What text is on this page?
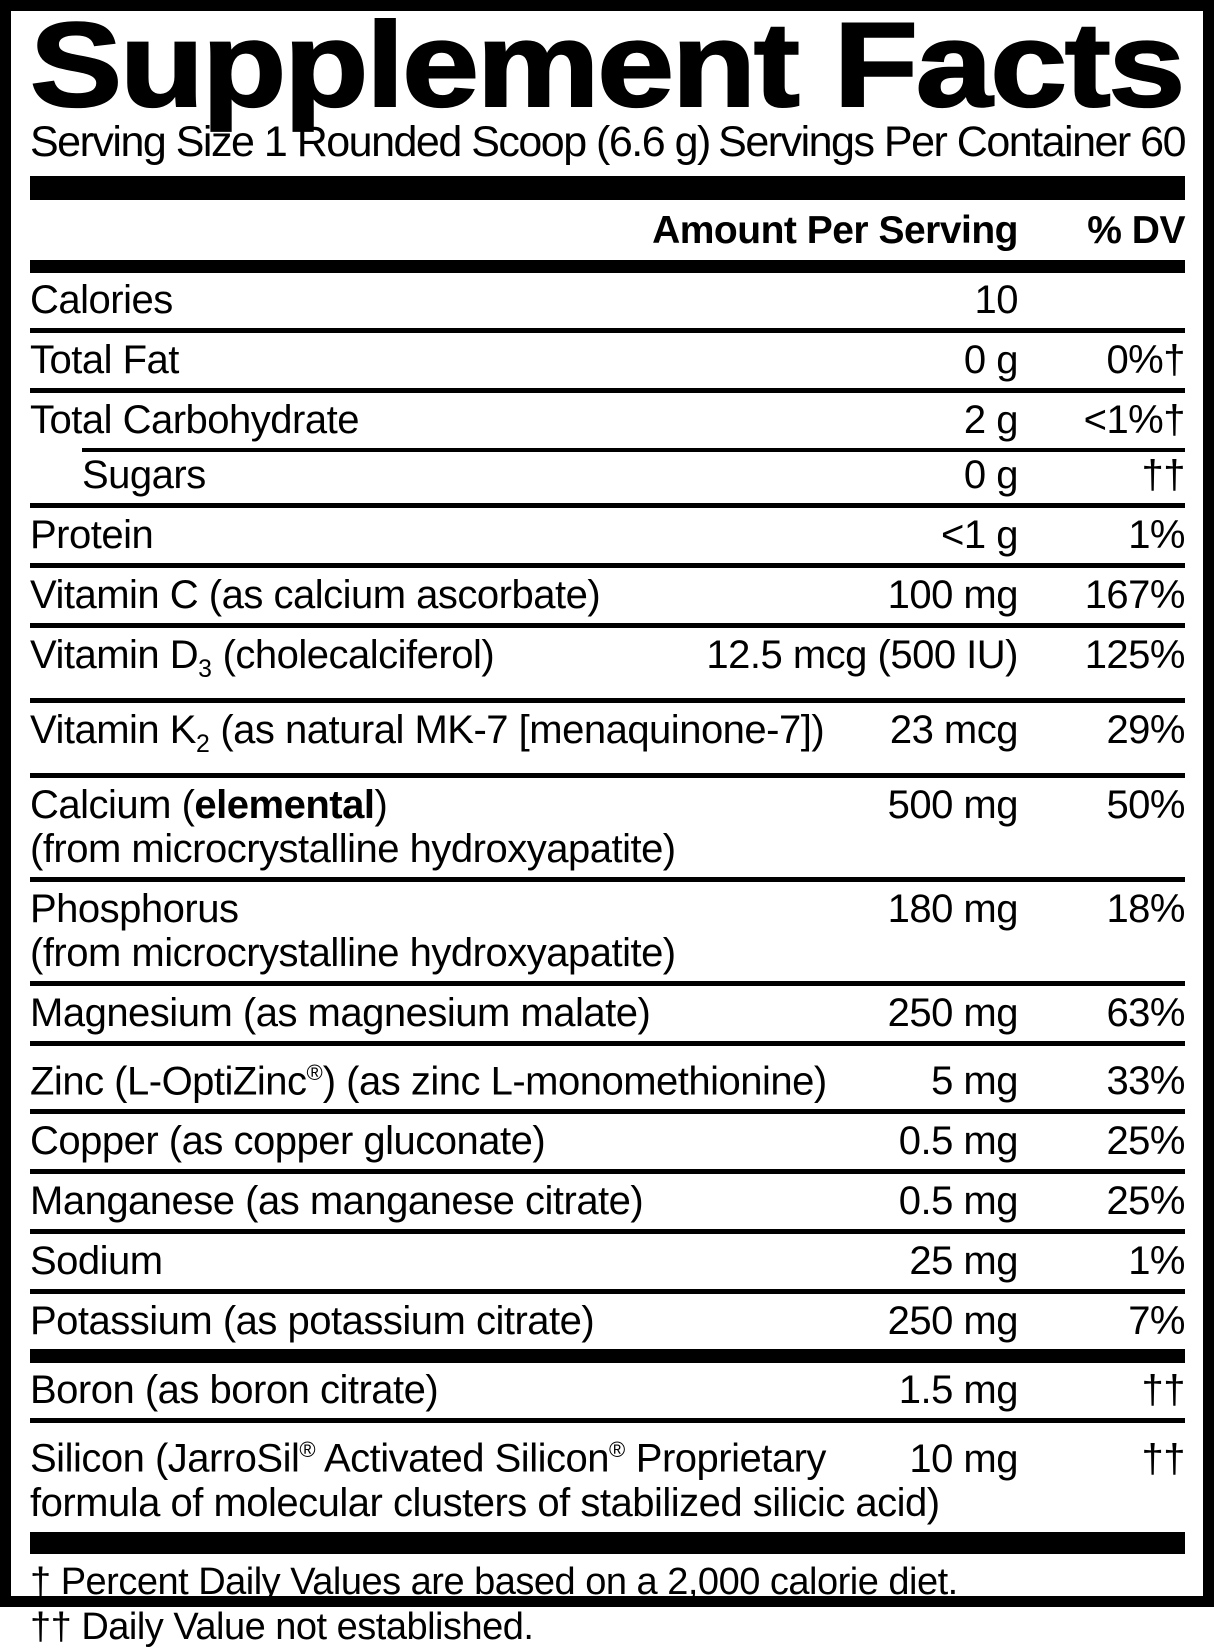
Supplement Facts
Serving Size 1 Rounded Scoop (6.6 g) Servings Per Container 60
Amount Per Serving	% DV
Calories	10
Total Fat	0 g	0%†
Total Carbohydrate	2 g	<1%†
Sugars	0 g	††
Protein	<1 g	1%
Vitamin C (as calcium ascorbate)	100 mg	167%
Vitamin $D_3$ (cholecalciferol)	12.5 mcg (500 IU)	125%
Vitamin $K_2$ (as natural MK-7 [menaquinone-7])	23 mcg	29%
Calcium (elemental)	500 mg	50%
(from microcrystalline hydroxyapatite)
Phosphorus	180 mg	18%
(from microcrystalline hydroxyapatite)
Magnesium (as magnesium malate)	250 mg	63%
Zinc (L-OptiZinc®) (as zinc L-monomethionine)	5 mg	33%
Copper (as copper gluconate)	0.5 mg	25%
Manganese (as manganese citrate)	0.5 mg	25%
Sodium	25 mg	1%
Potassium (as potassium citrate)	250 mg	7%
Boron (as boron citrate)	1.5 mg	††
Silicon (JarroSil® Activated Silicon® Proprietary	10 mg	††
formula of molecular clusters of stabilized silicic acid)
† Percent Daily Values are based on a 2,000 calorie diet.
†† Daily Value not established.
